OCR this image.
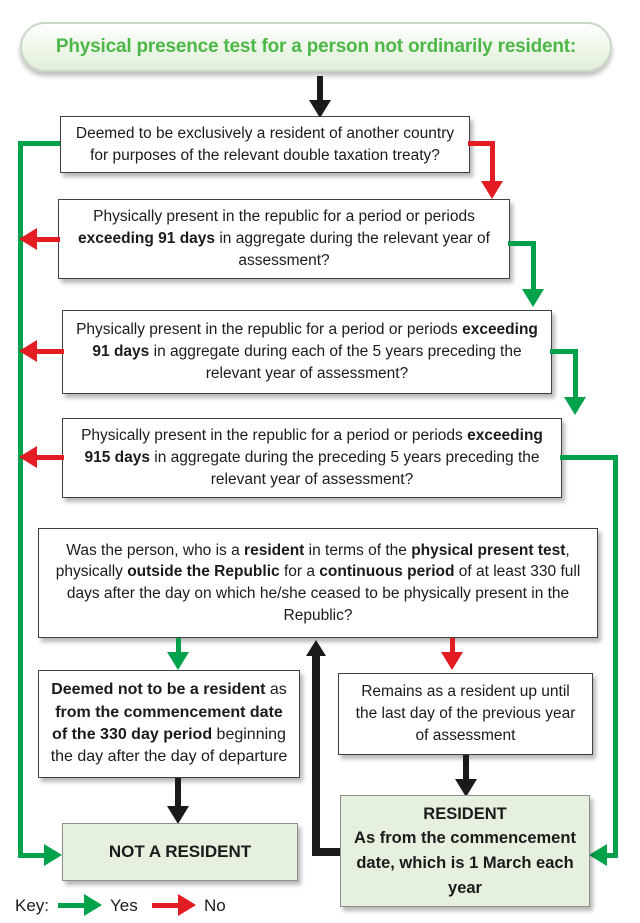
Physical presence test for a person not ordinarily resident:
Deemed to be exclusively a resident of another country for purposes of the relevant double taxation treaty?
Physically present in the republic for a period or periods exceeding 91 days in aggregate during the relevant year of assessment?
Physically present in the republic for a period or periods exceeding 91 days in aggregate during each of the 5 years preceding the relevant year of assessment?
Physically present in the republic for a period or periods exceeding 915 days in aggregate during the preceding 5 years preceding the relevant year of assessment?
Was the person, who is a resident in terms of the physical present test, physically outside the Republic for a continuous period of at least 330 full days after the day on which he/she ceased to be physically present in the Republic?
Deemed not to be a resident as from the commencement date of the 330 day period beginning the day after the day of departure
Remains as a resident up until the last day of the previous year of assessment
NOT A RESIDENT
RESIDENT
As from the commencement date, which is 1 March each year
Key:	Yes	No
